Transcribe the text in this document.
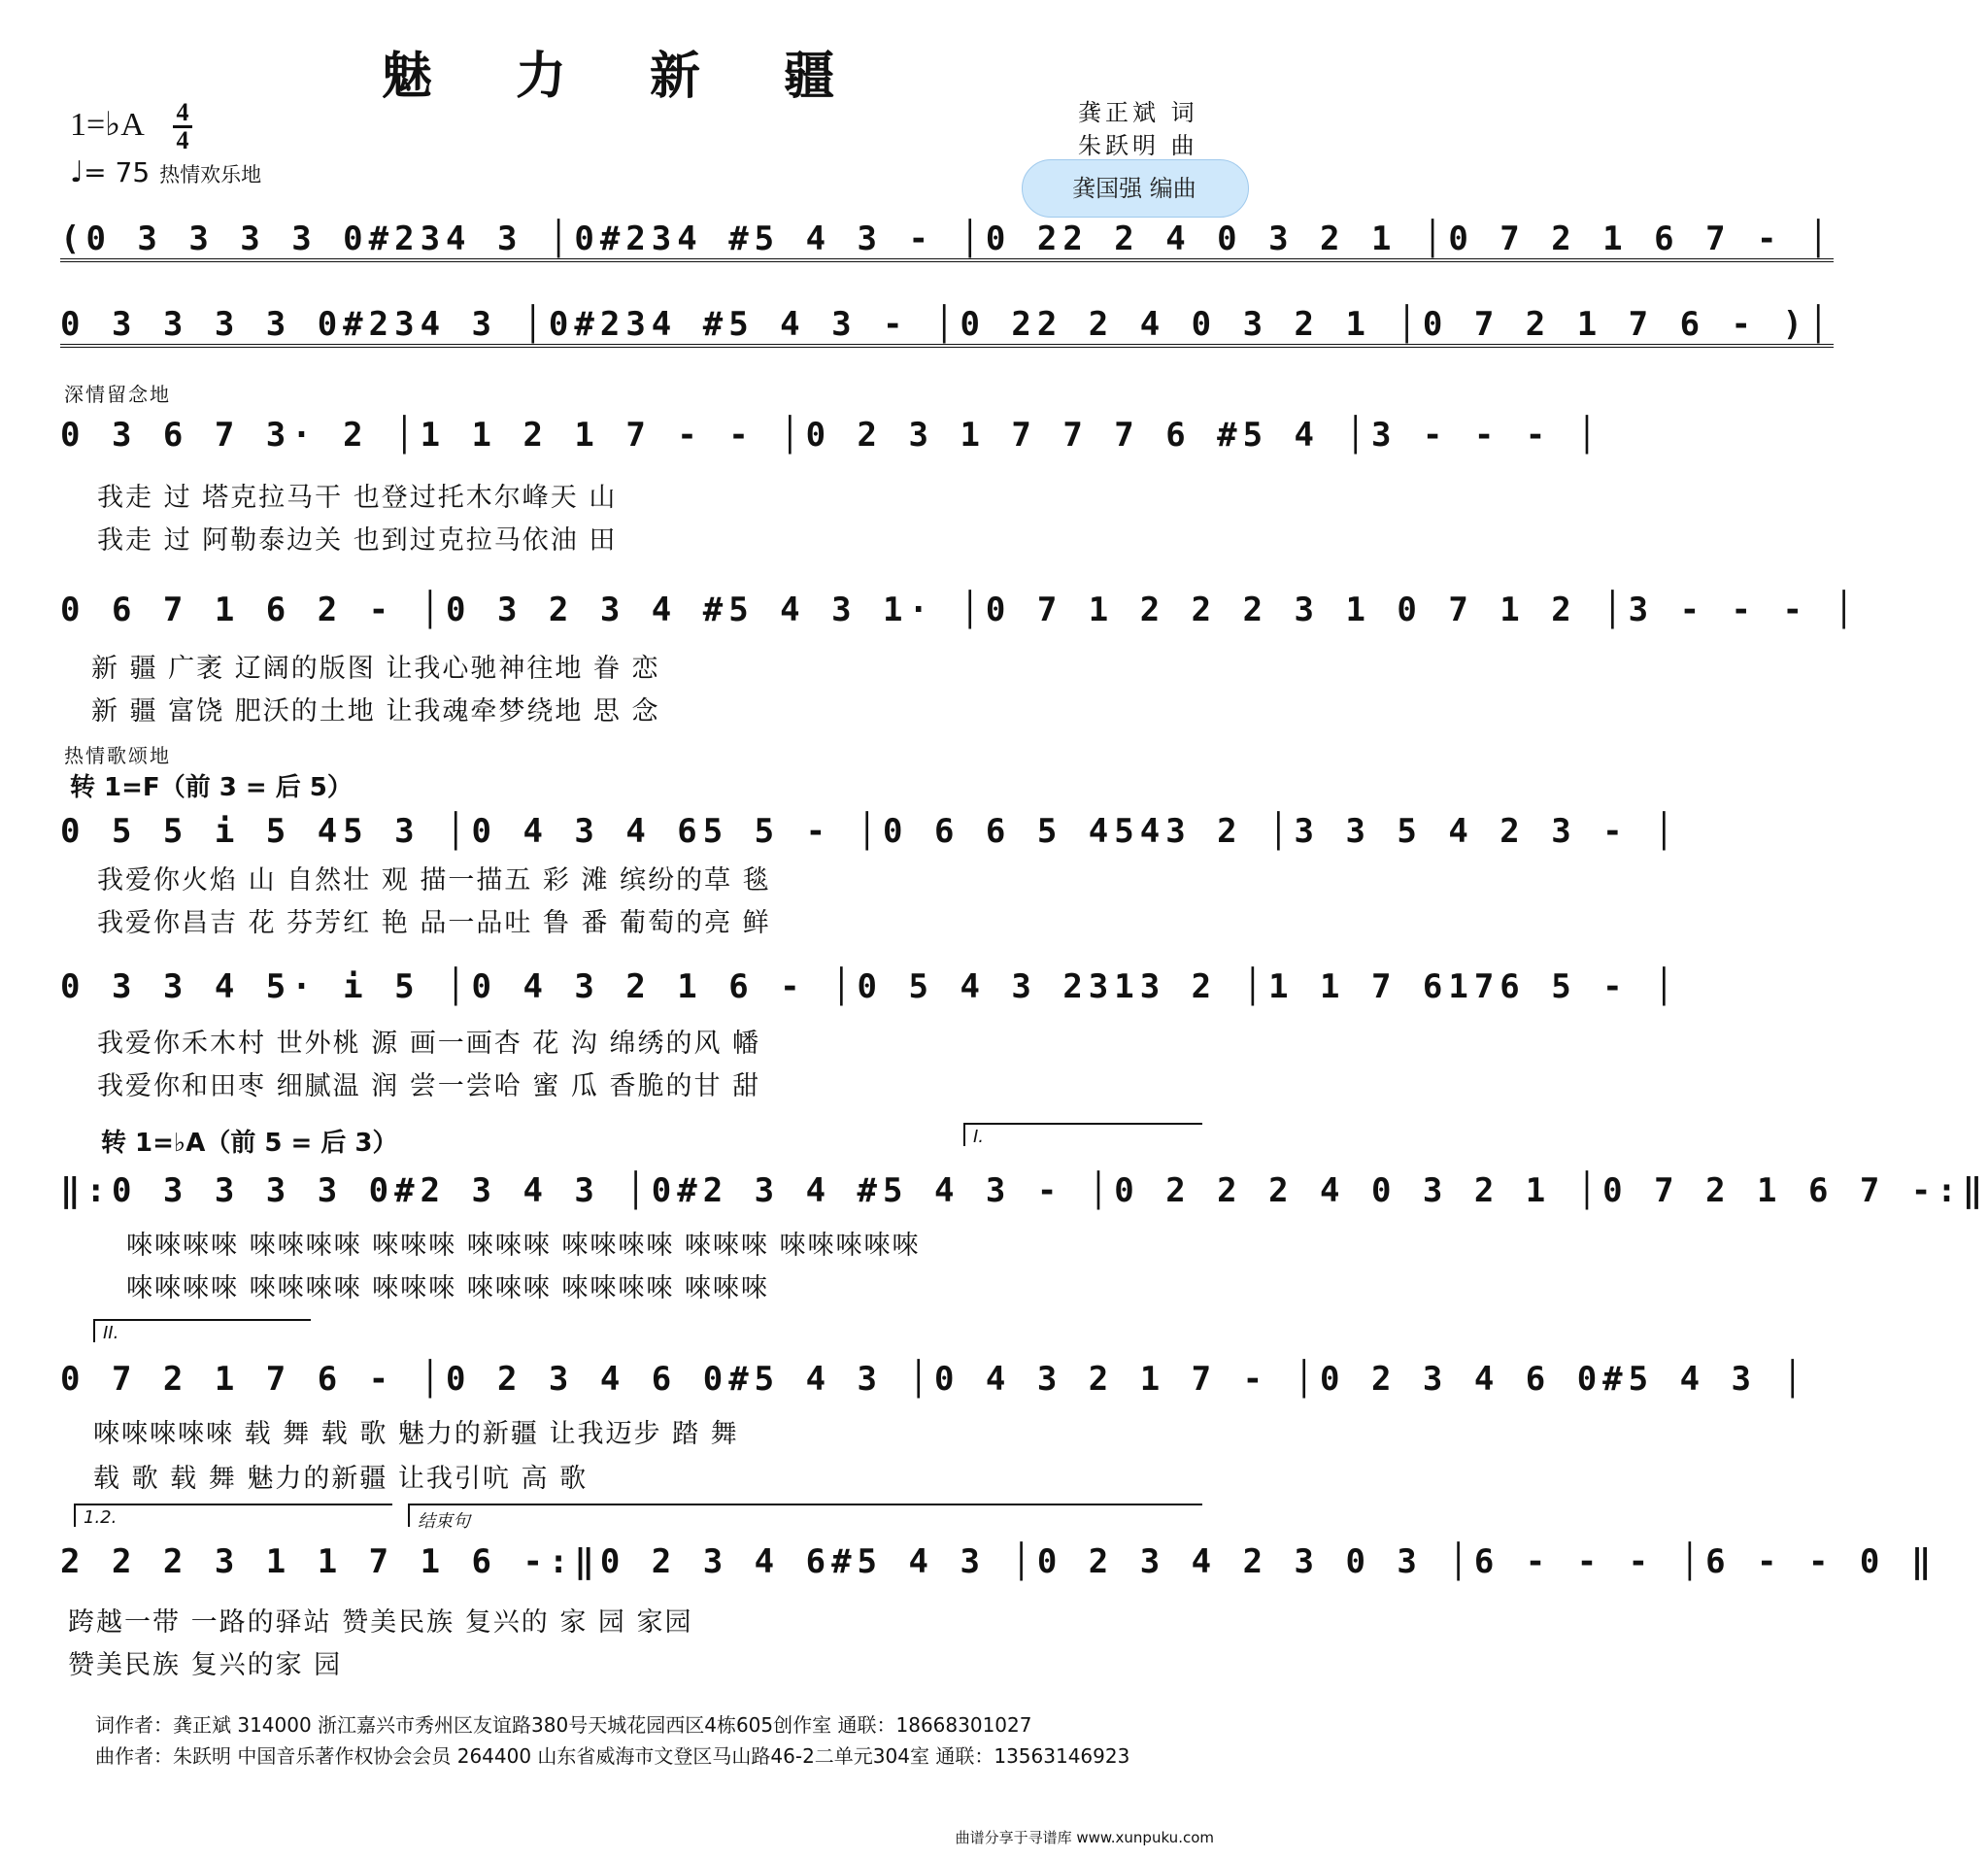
魅 力 新 疆
1=♭A 4
4
♩= 75 热情欢乐地
龚正斌 词
朱跃明 曲
龚国强 编曲
(0 3 3 3 3 0#234 3 │0#234 #5 4 3 - │0 22 2 4 0 3 2 1 │0 7 2 1 6 7 - │
0 3 3 3 3 0#234 3 │0#234 #5 4 3 - │0 22 2 4 0 3 2 1 │0 7 2 1 7 6 - )│
深情留念地
0 3 6 7 3· 2 │1 1 2 1 7 - - │0 2 3 1 7 7 7 6 #5 4 │3 - - - │
我走 过 塔克拉马干 也登过托木尔峰天 山
我走 过 阿勒泰边关 也到过克拉马依油 田
0 6 7 1 6 2 - │0 3 2 3 4 #5 4 3 1· │0 7 1 2 2 2 3 1 0 7 1 2 │3 - - - │
新 疆 广袤 辽阔的版图 让我心驰神往地 眷 恋
新 疆 富饶 肥沃的土地 让我魂牵梦绕地 思 念
热情歌颂地
转 1=F（前 3 = 后 5）
0 5 5 i 5 45 3 │0 4 3 4 65 5 - │0 6 6 5 4543 2 │3 3 5 4 2 3 - │
我爱你火焰 山 自然壮 观 描一描五 彩 滩 缤纷的草 毯
我爱你昌吉 花 芬芳红 艳 品一品吐 鲁 番 葡萄的亮 鲜
0 3 3 4 5· i 5 │0 4 3 2 1 6 - │0 5 4 3 2313 2 │1 1 7 6176 5 - │
我爱你禾木村 世外桃 源 画一画杏 花 沟 绵绣的风 幡
我爱你和田枣 细腻温 润 尝一尝哈 蜜 瓜 香脆的甘 甜
转 1=♭A（前 5 = 后 3）	I.
‖:0 3 3 3 3 0#2 3 4 3 │0#2 3 4 #5 4 3 - │0 2 2 2 4 0 3 2 1 │0 7 2 1 6 7 -:‖
唻唻唻唻 唻唻唻唻 唻唻唻 唻唻唻 唻唻唻唻 唻唻唻 唻唻唻唻唻
唻唻唻唻 唻唻唻唻 唻唻唻 唻唻唻 唻唻唻唻 唻唻唻
II.
0 7 2 1 7 6 - │0 2 3 4 6 0#5 4 3 │0 4 3 2 1 7 - │0 2 3 4 6 0#5 4 3 │
唻唻唻唻唻 载 舞 载 歌 魅力的新疆 让我迈步 踏 舞
载 歌 载 舞 魅力的新疆 让我引吭 高 歌
1.2.	结束句
2 2 2 3 1 1 7 1 6 -:‖0 2 3 4 6#5 4 3 │0 2 3 4 2 3 0 3 │6 - - - │6 - - 0 ‖
跨越一带 一路的驿站 赞美民族 复兴的 家 园 家园
赞美民族 复兴的家 园
词作者：龚正斌 314000 浙江嘉兴市秀州区友谊路380号天城花园西区4栋605创作室 通联：18668301027
曲作者：朱跃明 中国音乐著作权协会会员 264400 山东省威海市文登区马山路46-2二单元304室 通联：13563146923
曲谱分享于寻谱库 www.xunpuku.com
